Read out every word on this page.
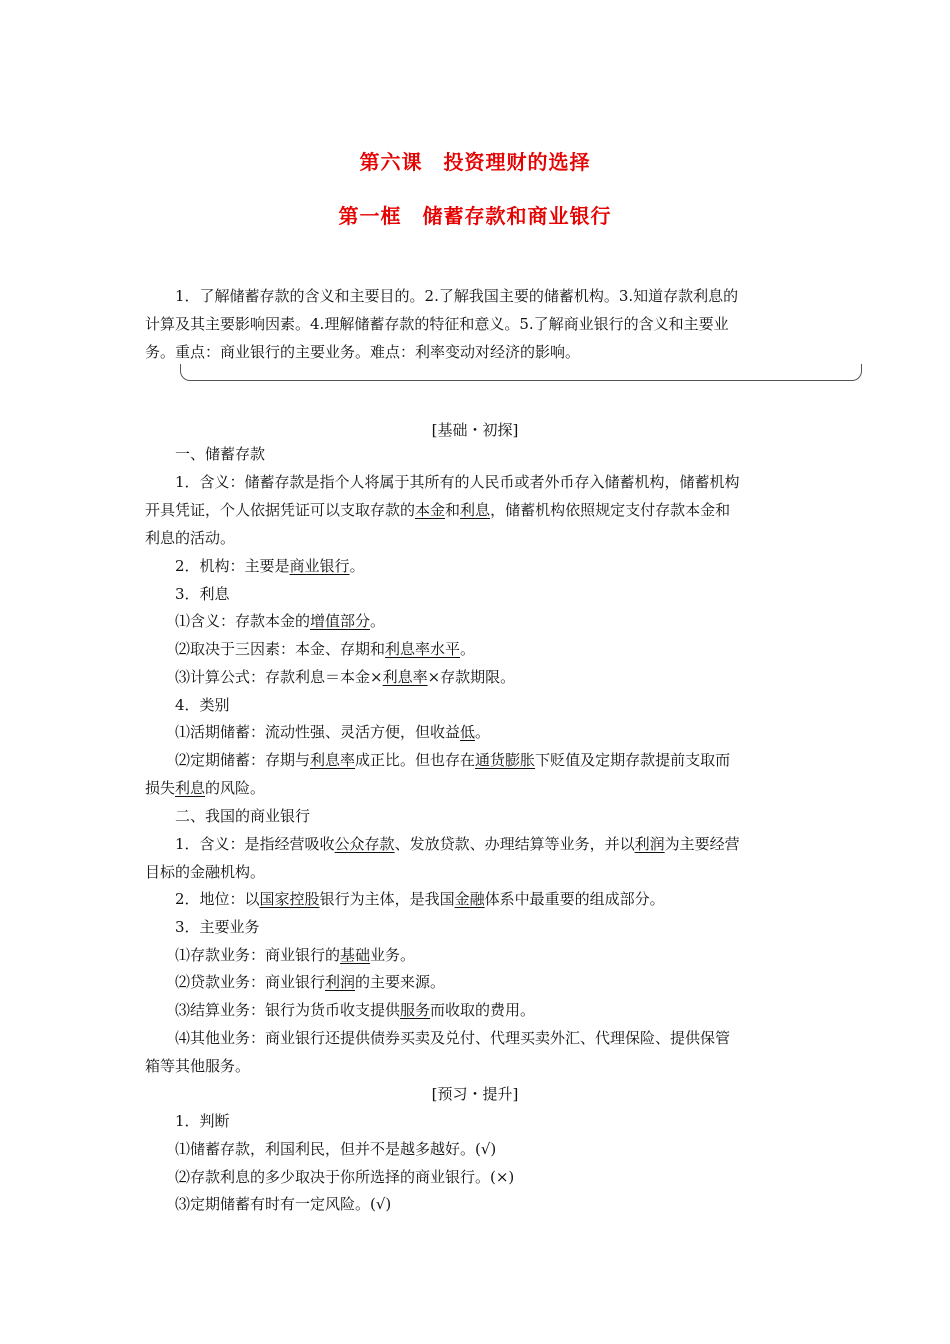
第六课　投资理财的选择
第一框　储蓄存款和商业银行
1．了解储蓄存款的含义和主要目的。2.了解我国主要的储蓄机构。3.知道存款利息的
计算及其主要影响因素。4.理解储蓄存款的特征和意义。5.了解商业银行的含义和主要业
务。重点：商业银行的主要业务。难点：利率变动对经济的影响。
[基础・初探]
一、储蓄存款
1．含义：储蓄存款是指个人将属于其所有的人民币或者外币存入储蓄机构，储蓄机构
开具凭证，个人依据凭证可以支取存款的本金和利息，储蓄机构依照规定支付存款本金和
利息的活动。
2．机构：主要是商业银行。
3．利息
⑴含义：存款本金的增值部分。
⑵取决于三因素：本金、存期和利息率水平。
⑶计算公式：存款利息＝本金×利息率×存款期限。
4．类别
⑴活期储蓄：流动性强、灵活方便，但收益低。
⑵定期储蓄：存期与利息率成正比。但也存在通货膨胀下贬值及定期存款提前支取而
损失利息的风险。
二、我国的商业银行
1．含义：是指经营吸收公众存款、发放贷款、办理结算等业务，并以利润为主要经营
目标的金融机构。
2．地位：以国家控股银行为主体，是我国金融体系中最重要的组成部分。
3．主要业务
⑴存款业务：商业银行的基础业务。
⑵贷款业务：商业银行利润的主要来源。
⑶结算业务：银行为货币收支提供服务而收取的费用。
⑷其他业务：商业银行还提供债券买卖及兑付、代理买卖外汇、代理保险、提供保管
箱等其他服务。
[预习・提升]
1．判断
⑴储蓄存款，利国利民，但并不是越多越好。(√)
⑵存款利息的多少取决于你所选择的商业银行。(×)
⑶定期储蓄有时有一定风险。(√)
